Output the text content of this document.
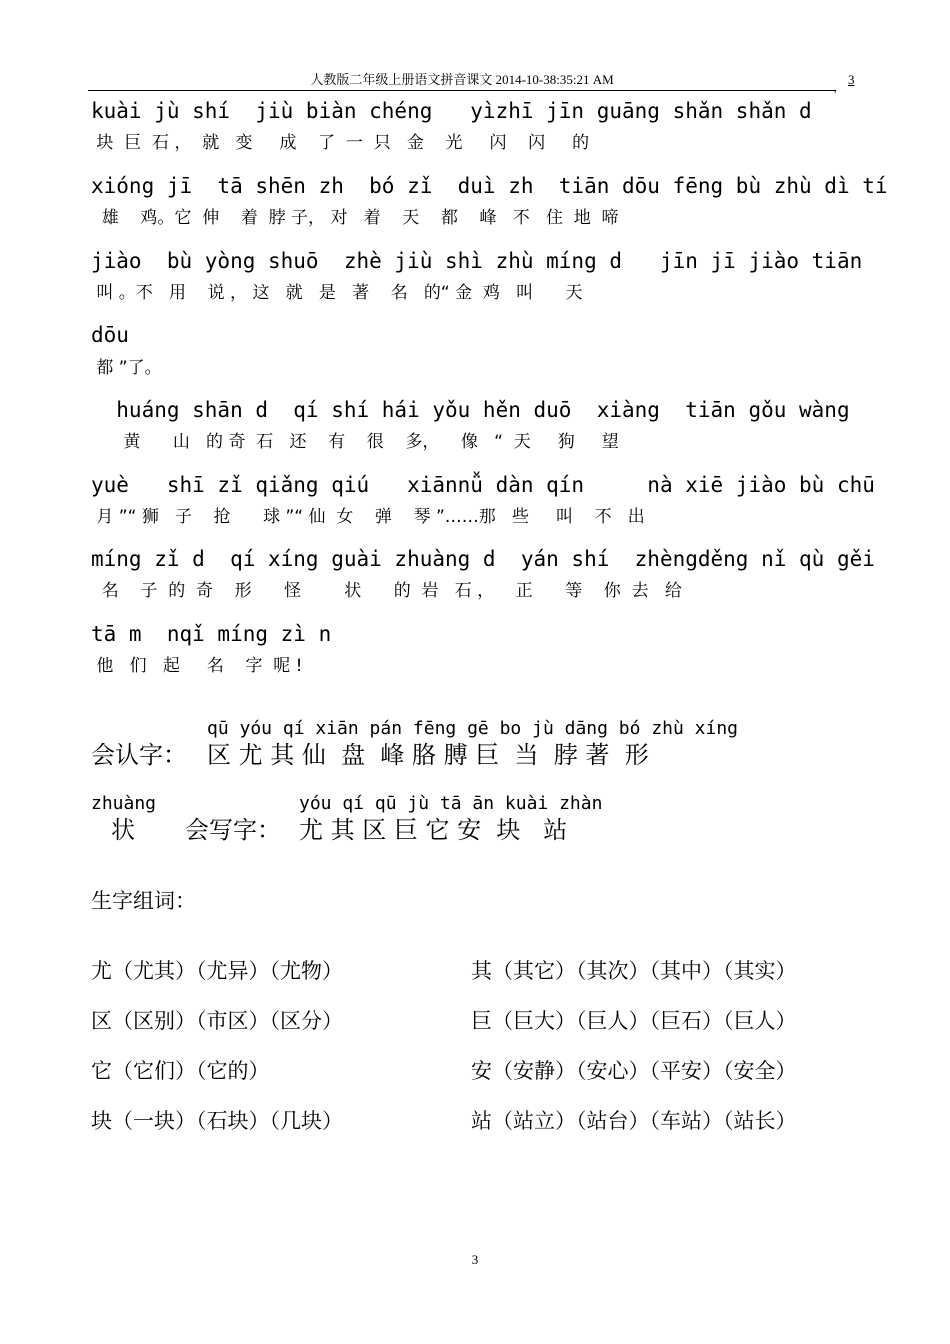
人教版二年级上册语文拼音课文 2014-10-38:35:21 AM	3
,
kuài jù shí  jiù biàn chéng   yìzhī jīn guāng shǎn shǎn d
块  巨  石 ，  就   变     成    了  一  只   金    光     闪    闪     的
xióng jī  tā shēn zh  bó zǐ  duì zh  tiān dōu fēng bù zhù dì tí
雄    鸡。它  伸    着  脖 子， 对   着    天    都    峰   不   住  地  啼
jiào  bù yòng shuō  zhè jiù shì zhù míng d   jīn jī jiào tiān
叫 。不   用    说 ， 这   就   是   著    名   的“ 金  鸡   叫      天
dōu
都 ”了。
huáng shān d  qí shí hái yǒu hěn duō  xiàng  tiān gǒu wàng
黄      山   的 奇  石   还    有    很    多，    像   “  天     狗     望
yuè   shī zǐ qiǎng qiú   xiānnǚ dàn qín     nà xiē jiào bù chū
月 ”“ 狮   子    抢      球 ”“ 仙  女    弹    琴 ”……那   些     叫    不   出
míng zǐ d  qí xíng guài zhuàng d  yán shí  zhèngděng nǐ qù gěi
名    子  的  奇    形      怪        状      的  岩   石 ，    正      等    你  去   给
tā m  nqǐ míng zì n
他   们   起     名    字  呢 !
qū yóu qí xiān pán fēng gē bo jù dāng bó zhù xíng
会认字： 区 尤 其 仙  盘  峰 胳 膊 巨  当  脖 著  形
zhuàng	yóu qí qū jù tā ān kuài zhàn
状 会写字： 尤 其 区 巨 它 安  块   站
生字组词：
尤（尤其）（尤异）（尤物）
区（区别）（市区）（区分）
它（它们）（它的）
块（一块）（石块）（几块）
其（其它）（其次）（其中）（其实）
巨（巨大）（巨人）（巨石）（巨人）
安（安静）（安心）（平安）（安全）
站（站立）（站台）（车站）（站长）
3
